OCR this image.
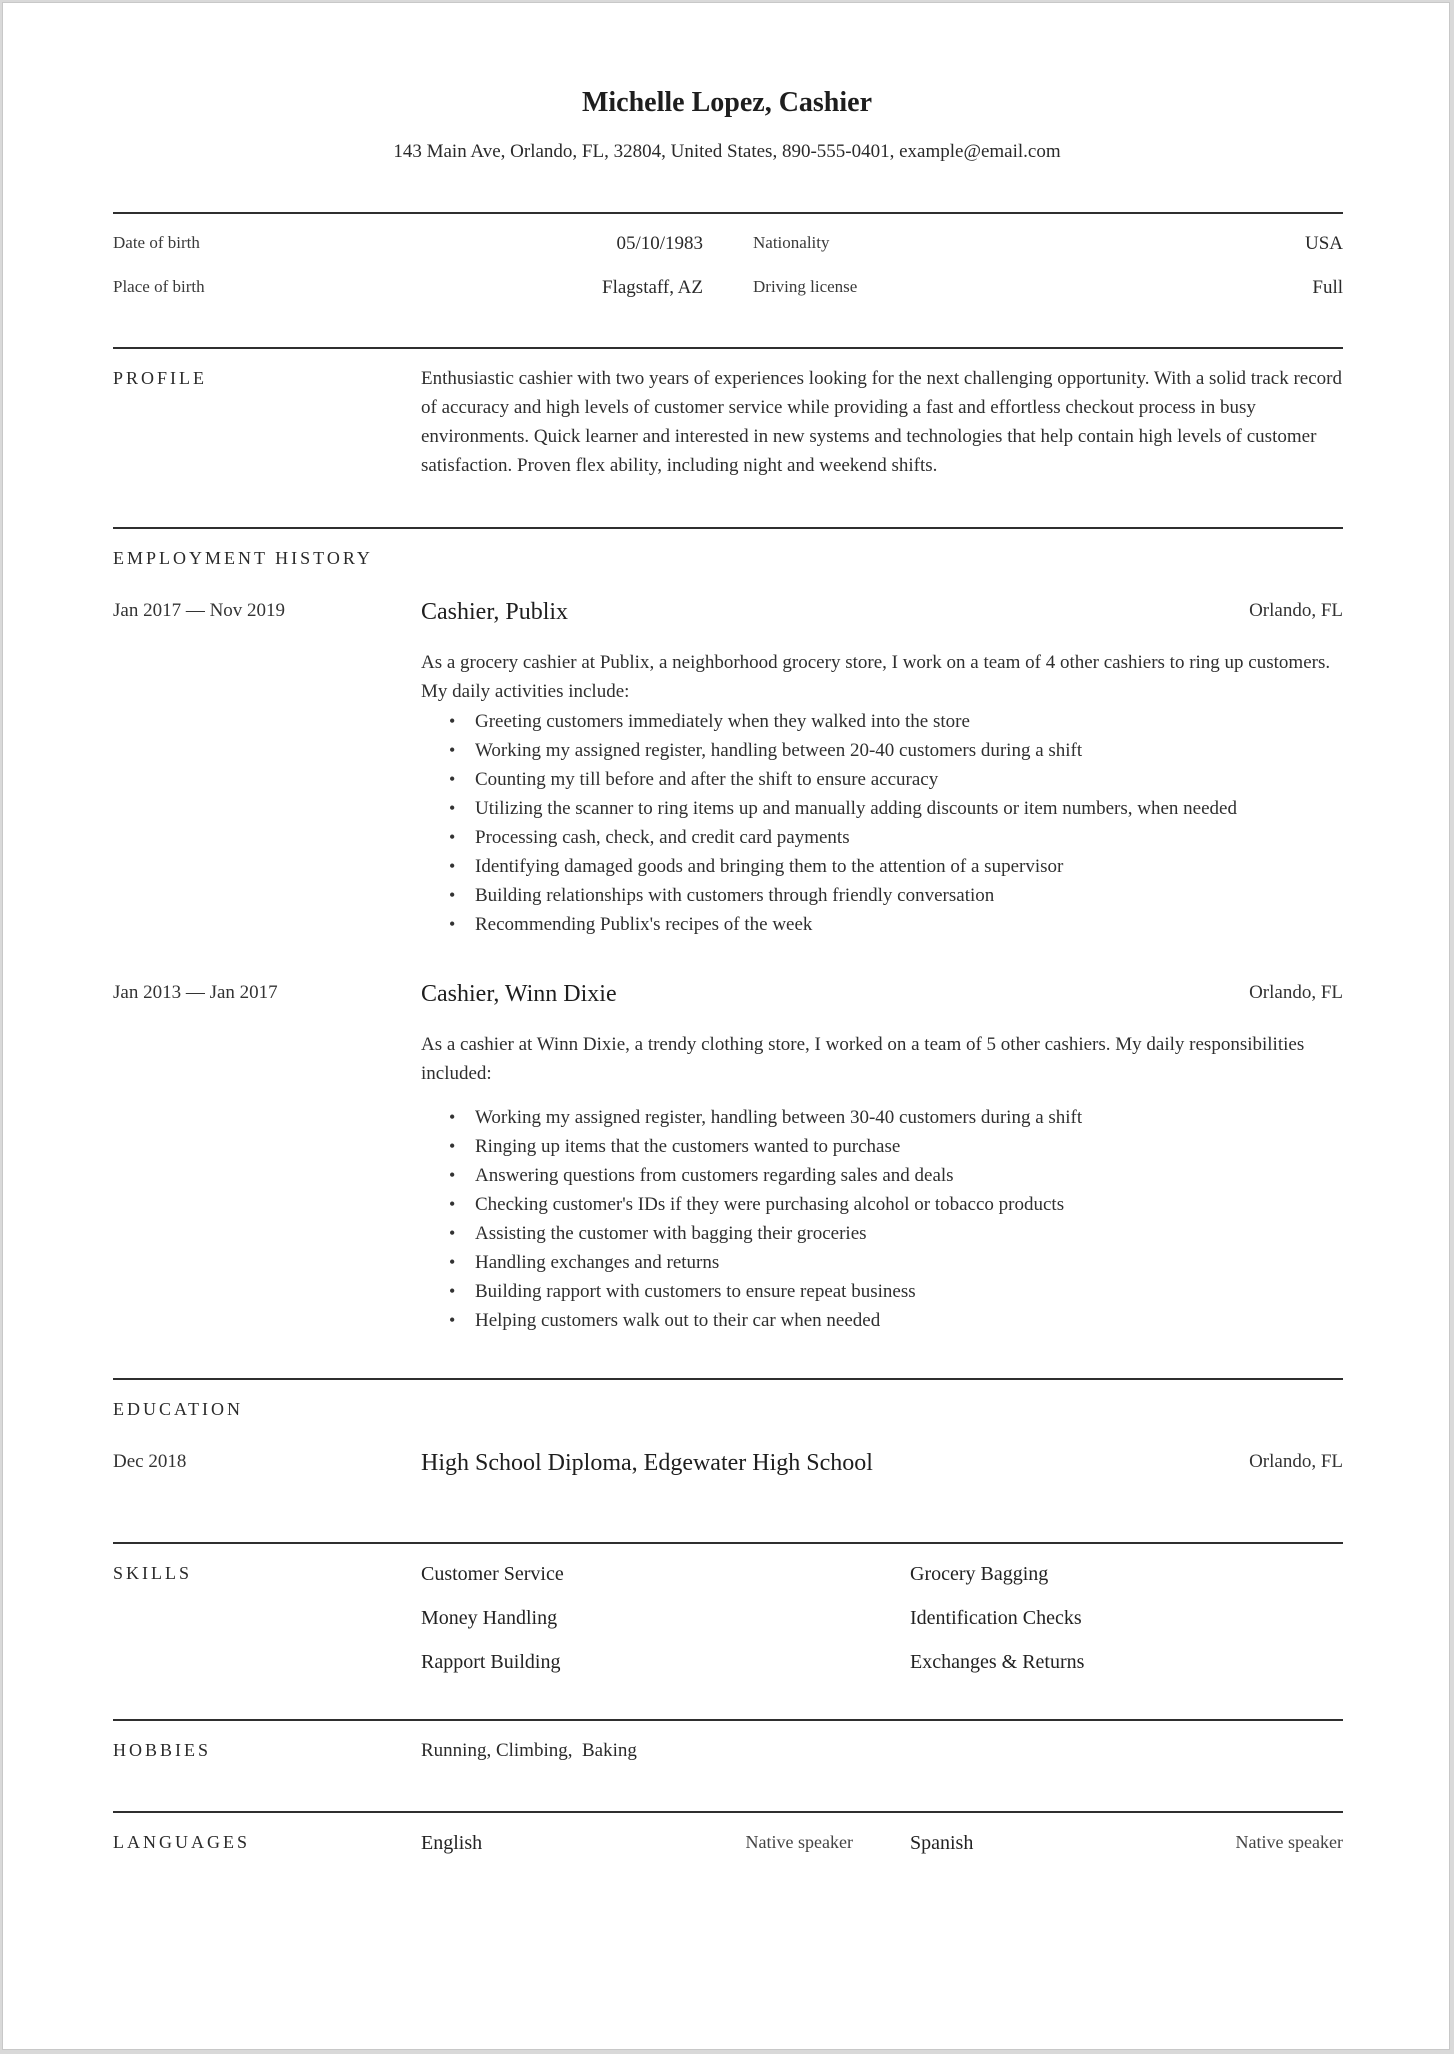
Michelle Lopez, Cashier
143 Main Ave, Orlando, FL, 32804, United States, 890-555-0401, example@email.com
Date of birth	05/10/1983	Nationality	USA
Place of birth	Flagstaff, AZ	Driving license	Full
PROFILE	Enthusiastic cashier with two years of experiences looking for the next challenging opportunity. With a solid track record of accuracy and high levels of customer service while providing a fast and effortless checkout process in busy environments. Quick learner and interested in new systems and technologies that help contain high levels of customer satisfaction. Proven flex ability, including night and weekend shifts.
EMPLOYMENT HISTORY
Jan 2017 — Nov 2019	Cashier, Publix	Orlando, FL
As a grocery cashier at Publix, a neighborhood grocery store, I work on a team of 4 other cashiers to ring up customers. My daily activities include:
• Greeting customers immediately when they walked into the store
• Working my assigned register, handling between 20-40 customers during a shift
• Counting my till before and after the shift to ensure accuracy
• Utilizing the scanner to ring items up and manually adding discounts or item numbers, when needed
• Processing cash, check, and credit card payments
• Identifying damaged goods and bringing them to the attention of a supervisor
• Building relationships with customers through friendly conversation
• Recommending Publix's recipes of the week
Jan 2013 — Jan 2017	Cashier, Winn Dixie	Orlando, FL
As a cashier at Winn Dixie, a trendy clothing store, I worked on a team of 5 other cashiers. My daily responsibilities included:
• Working my assigned register, handling between 30-40 customers during a shift
• Ringing up items that the customers wanted to purchase
• Answering questions from customers regarding sales and deals
• Checking customer's IDs if they were purchasing alcohol or tobacco products
• Assisting the customer with bagging their groceries
• Handling exchanges and returns
• Building rapport with customers to ensure repeat business
• Helping customers walk out to their car when needed
EDUCATION
Dec 2018	High School Diploma, Edgewater High School	Orlando, FL
SKILLS	Customer Service	Grocery Bagging
Money Handling	Identification Checks
Rapport Building	Exchanges & Returns
HOBBIES	Running, Climbing,  Baking
LANGUAGES	English	Native speaker	Spanish	Native speaker
